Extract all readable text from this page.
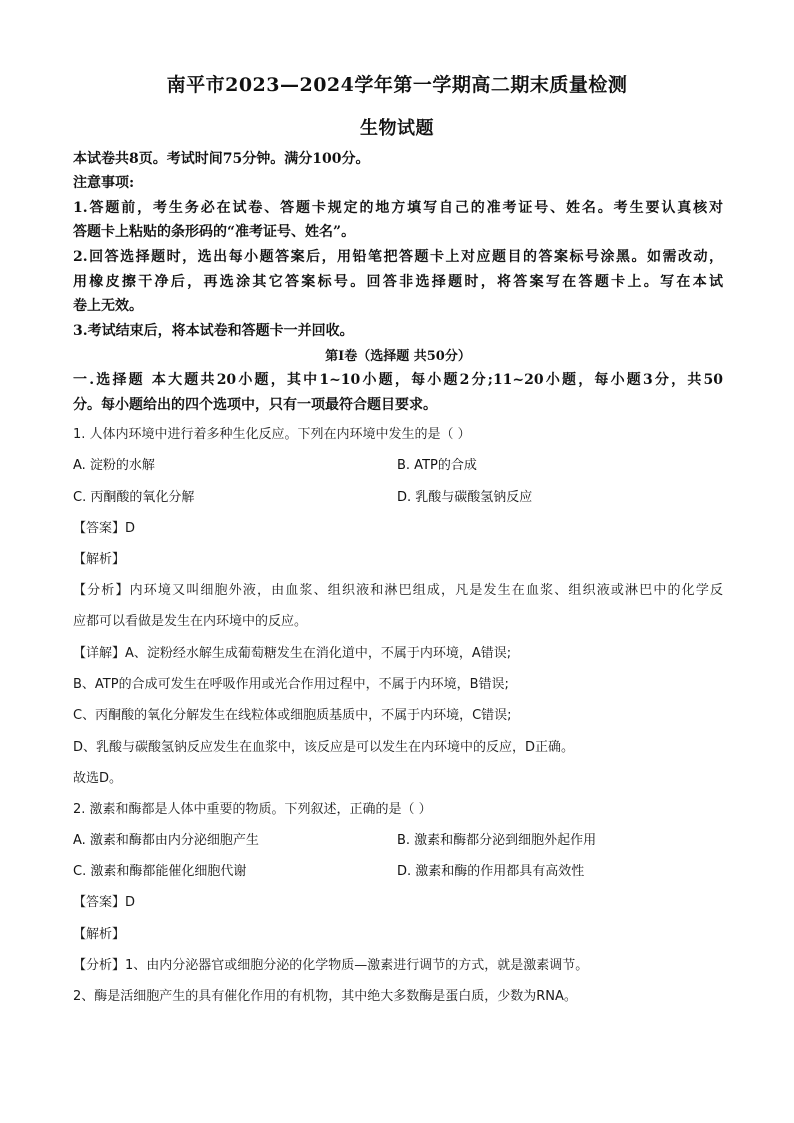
南平市2023—2024学年第一学期高二期末质量检测
生物试题
本试卷共8页。考试时间75分钟。满分100分。
注意事项:
1.答题前，考生务必在试卷、答题卡规定的地方填写自己的准考证号、姓名。考生要认真核对
答题卡上粘贴的条形码的“准考证号、姓名”。
2.回答选择题时，选出每小题答案后，用铅笔把答题卡上对应题目的答案标号涂黑。如需改动，
用橡皮擦干净后，再选涂其它答案标号。回答非选择题时，将答案写在答题卡上。写在本试
卷上无效。
3.考试结束后，将本试卷和答题卡一并回收。
第I卷（选择题 共50分）
一.选择题 本大题共20小题，其中1~10小题，每小题2分;11~20小题，每小题3分，共50
分。每小题给出的四个选项中，只有一项最符合题目要求。
1. 人体内环境中进行着多种生化反应。下列在内环境中发生的是（ ）
A. 淀粉的水解	B. ATP的合成
C. 丙酮酸的氧化分解	D. 乳酸与碳酸氢钠反应
【答案】D
【解析】
【分析】内环境又叫细胞外液，由血浆、组织液和淋巴组成，凡是发生在血浆、组织液或淋巴中的化学反
应都可以看做是发生在内环境中的反应。
【详解】A、淀粉经水解生成葡萄糖发生在消化道中，不属于内环境，A错误;
B、ATP的合成可发生在呼吸作用或光合作用过程中，不属于内环境，B错误;
C、丙酮酸的氧化分解发生在线粒体或细胞质基质中，不属于内环境，C错误;
D、乳酸与碳酸氢钠反应发生在血浆中，该反应是可以发生在内环境中的反应，D正确。
故选D。
2. 激素和酶都是人体中重要的物质。下列叙述，正确的是（ ）
A. 激素和酶都由内分泌细胞产生	B. 激素和酶都分泌到细胞外起作用
C. 激素和酶都能催化细胞代谢	D. 激素和酶的作用都具有高效性
【答案】D
【解析】
【分析】1、由内分泌器官或细胞分泌的化学物质—激素进行调节的方式，就是激素调节。
2、酶是活细胞产生的具有催化作用的有机物，其中绝大多数酶是蛋白质，少数为RNA。
